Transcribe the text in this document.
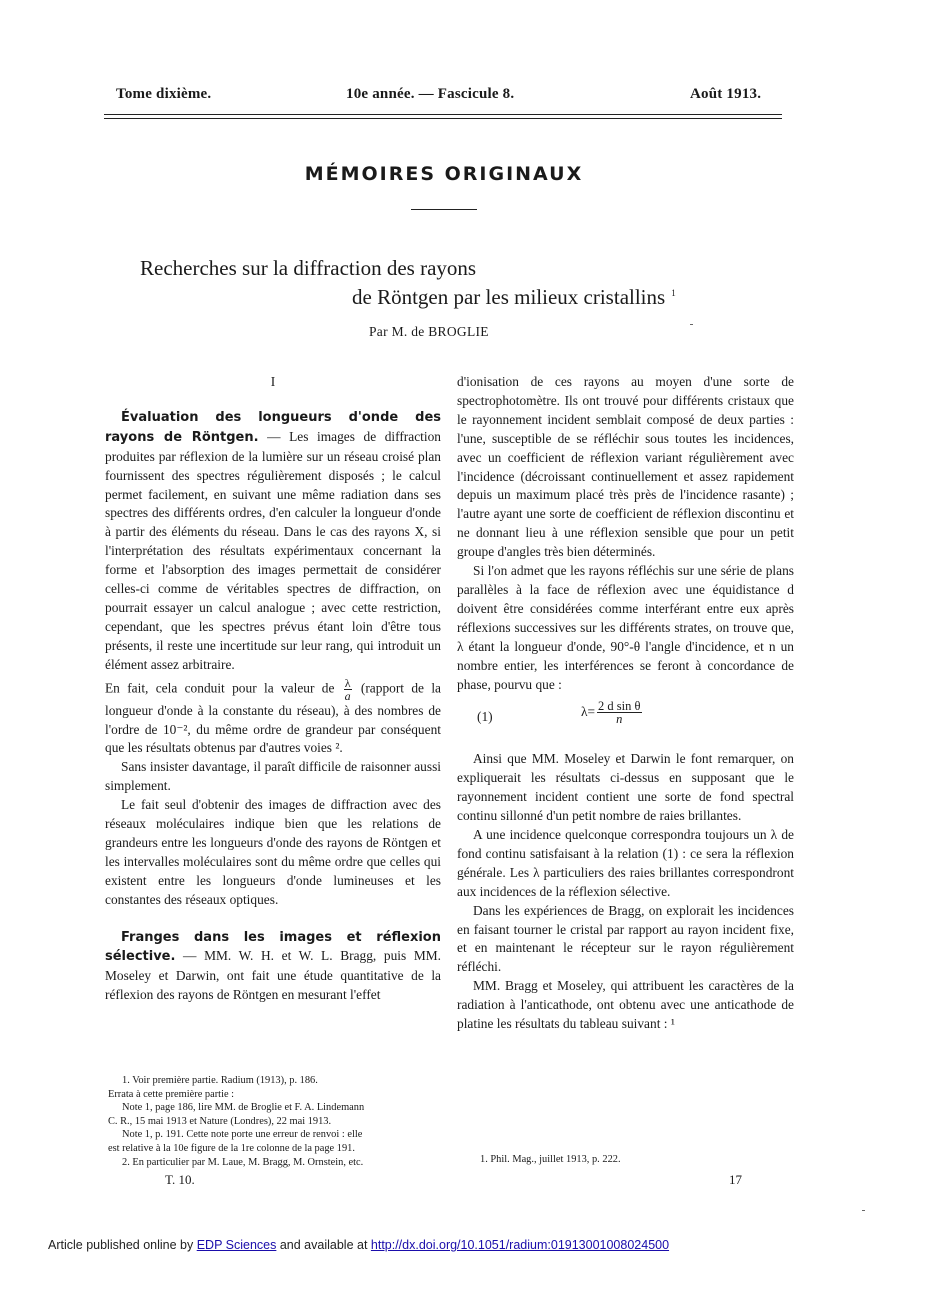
Tome dixième.	10e année. — Fascicule 8.	Août 1913.
MÉMOIRES ORIGINAUX
Recherches sur la diffraction des rayons
de Röntgen par les milieux cristallins $^1$
Par M. de BROGLIE

I

Évaluation des longueurs d'onde des rayons de Röntgen. — Les images de diffraction produites par réflexion de la lumière sur un réseau croisé plan fournissent des spectres régulièrement disposés ; le calcul permet facilement, en suivant une même radiation dans ses spectres des différents ordres, d'en calculer la longueur d'onde à partir des éléments du réseau. Dans le cas des rayons X, si l'interprétation des résultats expérimentaux concernant la forme et l'absorption des images permettait de considérer celles-ci comme de véritables spectres de diffraction, on pourrait essayer un calcul analogue ; avec cette restriction, cependant, que les spectres prévus étant loin d'être tous présents, il reste une incertitude sur leur rang, qui introduit un élément assez arbitraire.

En fait, cela conduit pour la valeur de $\frac{\lambda}{a}$ (rapport de la longueur d'onde à la constante du réseau), à des nombres de l'ordre de 10⁻², du même ordre de grandeur par conséquent que les résultats obtenus par d'autres voies ².

Sans insister davantage, il paraît difficile de raisonner aussi simplement.

Le fait seul d'obtenir des images de diffraction avec des réseaux moléculaires indique bien que les relations de grandeurs entre les longueurs d'onde des rayons de Röntgen et les intervalles moléculaires sont du même ordre que celles qui existent entre les longueurs d'onde lumineuses et les constantes des réseaux optiques.

Franges dans les images et réflexion sélective. — MM. W. H. et W. L. Bragg, puis MM. Moseley et Darwin, ont fait une étude quantitative de la réflexion des rayons de Röntgen en mesurant l'effet

1. Voir première partie. Radium (1913), p. 186.
Errata à cette première partie :
Note 1, page 186, lire MM. de Broglie et F. A. Lindemann
C. R., 15 mai 1913 et Nature (Londres), 22 mai 1913.
Note 1, p. 191. Cette note porte une erreur de renvoi : elle
est relative à la 10e figure de la 1re colonne de la page 191.
2. En particulier par M. Laue, M. Bragg, M. Ornstein, etc.
T. 10.

d'ionisation de ces rayons au moyen d'une sorte de spectrophotomètre. Ils ont trouvé pour différents cristaux que le rayonnement incident semblait composé de deux parties : l'une, susceptible de se réfléchir sous toutes les incidences, avec un coefficient de réflexion variant régulièrement avec l'incidence (décroissant continuellement et assez rapidement depuis un maximum placé très près de l'incidence rasante) ; l'autre ayant une sorte de coefficient de réflexion discontinu et ne donnant lieu à une réflexion sensible que pour un petit groupe d'angles très bien déterminés.

Si l'on admet que les rayons réfléchis sur une série de plans parallèles à la face de réflexion avec une équidistance d doivent être considérées comme interférant entre eux après réflexions successives sur les différents strates, on trouve que, λ étant la longueur d'onde, 90°-θ l'angle d'incidence, et n un nombre entier, les interférences se feront à concordance de phase, pourvu que :

(1)	$\lambda= \frac{\text{2 d sin θ}}{n}$

Ainsi que MM. Moseley et Darwin le font remarquer, on expliquerait les résultats ci-dessus en supposant que le rayonnement incident contient une sorte de fond spectral continu sillonné d'un petit nombre de raies brillantes.

A une incidence quelconque correspondra toujours un λ de fond continu satisfaisant à la relation (1) : ce sera la réflexion générale. Les λ particuliers des raies brillantes correspondront aux incidences de la réflexion sélective.

Dans les expériences de Bragg, on explorait les incidences en faisant tourner le cristal par rapport au rayon incident fixe, et en maintenant le récepteur sur le rayon régulièrement réfléchi.

MM. Bragg et Moseley, qui attribuent les caractères de la radiation à l'anticathode, ont obtenu avec une anticathode de platine les résultats du tableau suivant : ¹

1. Phil. Mag., juillet 1913, p. 222.
17
Article published online by EDP Sciences and available at http://dx.doi.org/10.1051/radium:01913001008024500
